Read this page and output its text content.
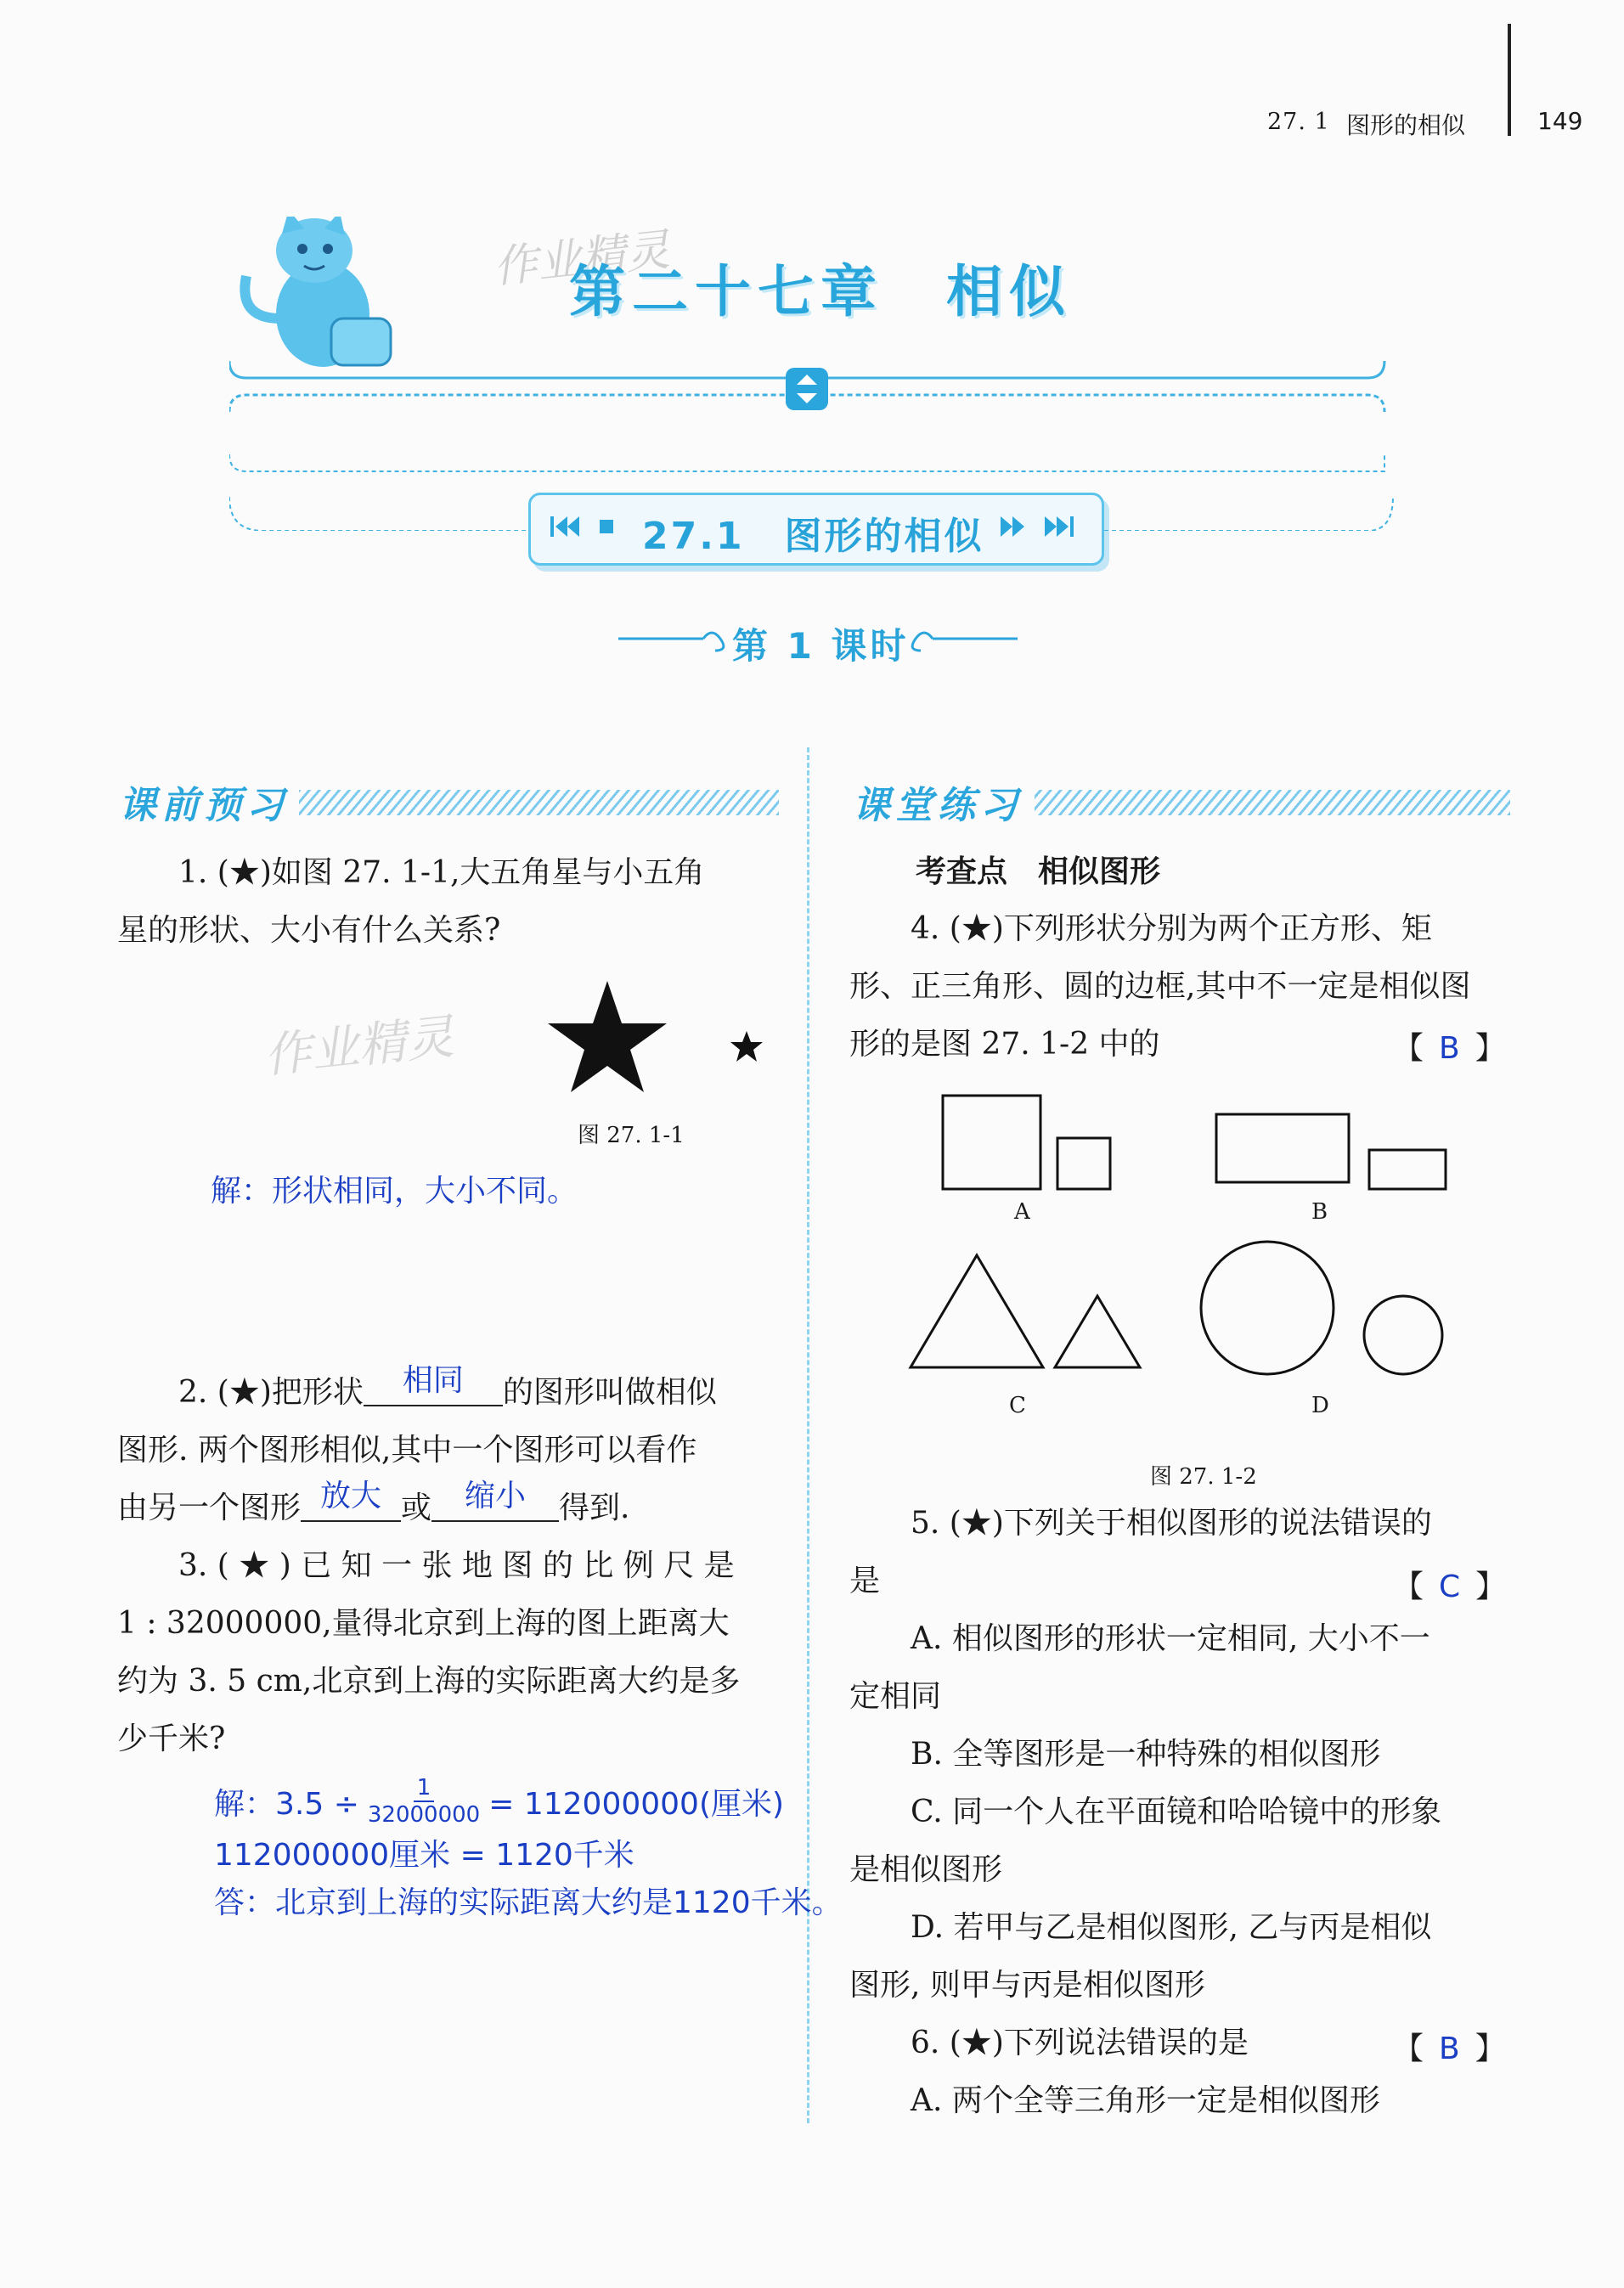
27. 1 图形的相似	149
作业精灵
第二十七章　相似
27.1　图形的相似
第 1 课时
课前预习
1. (★)如图 27. 1-1,大五角星与小五角
星的形状、大小有什么关系?
作业精灵
图 27. 1-1
解：形状相同，大小不同。
2. (★)把形状 相同 的图形叫做相似
图形. 两个图形相似,其中一个图形可以看作
由另一个图形 放大 或 缩小 得到.
3. ( ★ ) 已 知 一 张 地 图 的 比 例 尺 是
1 : 32000000,量得北京到上海的图上距离大
约为 3. 5 cm,北京到上海的实际距离大约是多
少千米?
解：$3.5 \div \frac{1}{32000000} = 112000000$(厘米)
112000000厘米 = 1120千米
答：北京到上海的实际距离大约是1120千米。
课堂练习
考查点　相似图形
4. (★)下列形状分别为两个正方形、矩
形、正三角形、圆的边框,其中不一定是相似图
形的是图 27. 1-2 中的	【 B 】
A	B
C	D
图 27. 1-2
5. (★)下列关于相似图形的说法错误的
是	【 C 】
A. 相似图形的形状一定相同, 大小不一
定相同
B. 全等图形是一种特殊的相似图形
C. 同一个人在平面镜和哈哈镜中的形象
是相似图形
D. 若甲与乙是相似图形, 乙与丙是相似
图形, 则甲与丙是相似图形
6. (★)下列说法错误的是	【 B 】
A. 两个全等三角形一定是相似图形
